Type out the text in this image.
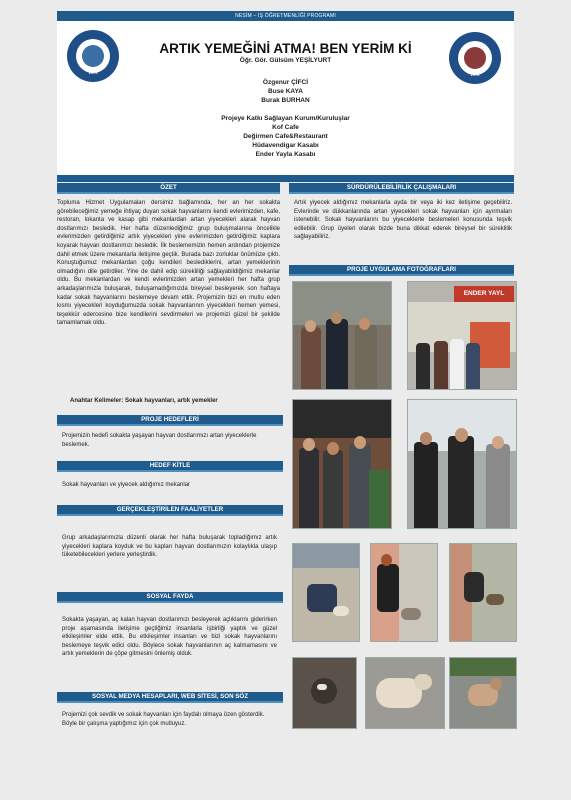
NESİM – İŞ ÖĞRETMENLİĞİ PROGRAMI
1975	1975
ARTIK YEMEĞİNİ ATMA! BEN YERİM Kİ
Öğr. Gör. Gülsüm YEŞİLYURT
Özgenur ÇİFCİ
Buse KAYA
Burak BURHAN
Projeye Katkı Sağlayan Kurum/Kuruluşlar
Kof Cafe
Değirmen Cafe&Restaurant
Hüdavendigar Kasabı
Ender Yayla Kasabı
ÖZET
Topluma Hizmet Uygulamaları dersimiz bağlamında, her an her sokakta görebileceğimiz yemeğe ihtiyaç duyan sokak hayvanlarını kendi evlerimizden, kafe, restoran, lokanta ve kasap gibi mekanlardan artan yiyecekleri alarak hayvan dostlarımızı besledik. Her hafta düzenlediğimiz grup buluşmalarına öncelikle evlerimizden getirdiğimiz artık yiyecekleri yine evlerimizden getirdiğimiz kaplara koyarak hayvan dostlarımızı besledik. İlk beslememizin hemen ardından projemize dahil etmek üzere mekanlarla iletişime geçtik. Burada bazı zorluklar önümüze çıktı. Konuştuğumuz mekanlardan çoğu kendileri beslediklerini, artan yemeklerinin olmadığını dile getirdiler. Yine de dahil edip sürekliliği sağlayabildiğimiz mekanlar oldu. Bu mekanlardan ve kendi evlerimizden artan yemekleri her hafta grup arkadaşlarımızla buluşarak, buluşamadığımızda bireysel besleyerek son haftaya kadar sokak hayvanlarını beslemeye devam ettik. Projemizin bizi en mutlu eden kısmı yiyecekleri koyduğumuzda sokak hayvanlarının yiyecekleri hemen yemesi, teşekkür edercesine bize kendilerini sevdirmeleri ve projemizi güzel bir şekilde tamamlamak oldu.
Anahtar Kelimeler: Sokak hayvanları, artık yemekler
PROJE HEDEFLERİ
Projemizin hedefi sokakta yaşayan hayvan dostlarımızı artan yiyeceklerle beslemek.
HEDEF KİTLE
Sokak hayvanları ve yiyecek aldığımız mekanlar
GERÇEKLEŞTİRİLEN FAALİYETLER
Grup arkadaşlarımızla düzenli olarak her hafta buluşarak topladığımız artık yiyecekleri kaplara koyduk ve bu kapları hayvan dostlarımızın kolaylıkla ulaşıp tüketebilecekleri yerlere yerleştirdik.
SOSYAL FAYDA
Sokakta yaşayan, aç kalan hayvan dostlarımızı besleyerek açlıklarını giderirken proje aşamasında iletişime geçtiğimiz insanlarla işbirliği yaptık ve güzel etkileşimler elde ettik. Bu etkileşimler insanları ve bizi sokak hayvanlarını beslemeye teşvik edici oldu. Böylece sokak hayvanlarının aç kalmamasını ve artık yemeklerin de çöpe gitmesini önlemiş olduk.
SOSYAL MEDYA HESAPLARI, WEB SİTESİ, SON SÖZ
Projemizi çok sevdik ve sokak hayvanları için faydalı olmaya özen gösterdik. Böyle bir çalışma yaptığımız için çok mutluyuz.
SÜRDÜRÜLEBİLİRLİK ÇALIŞMALARI
Artık yiyecek aldığımız mekanlarla ayda bir veya iki kez iletişime geçebiliriz. Evlerinde ve dükkanlarında artan yiyecekleri sokak hayvanları için ayırmaları istenebilir. Sokak hayvanlarını bu yiyeceklerle beslemeleri konusunda teşvik edilebilir. Grup üyeleri olarak bizde buna dikkat ederek bireysel bir süreklilik sağlayabiliriz.
PROJE UYGULAMA FOTOĞRAFLARI
ENDER YAYL
